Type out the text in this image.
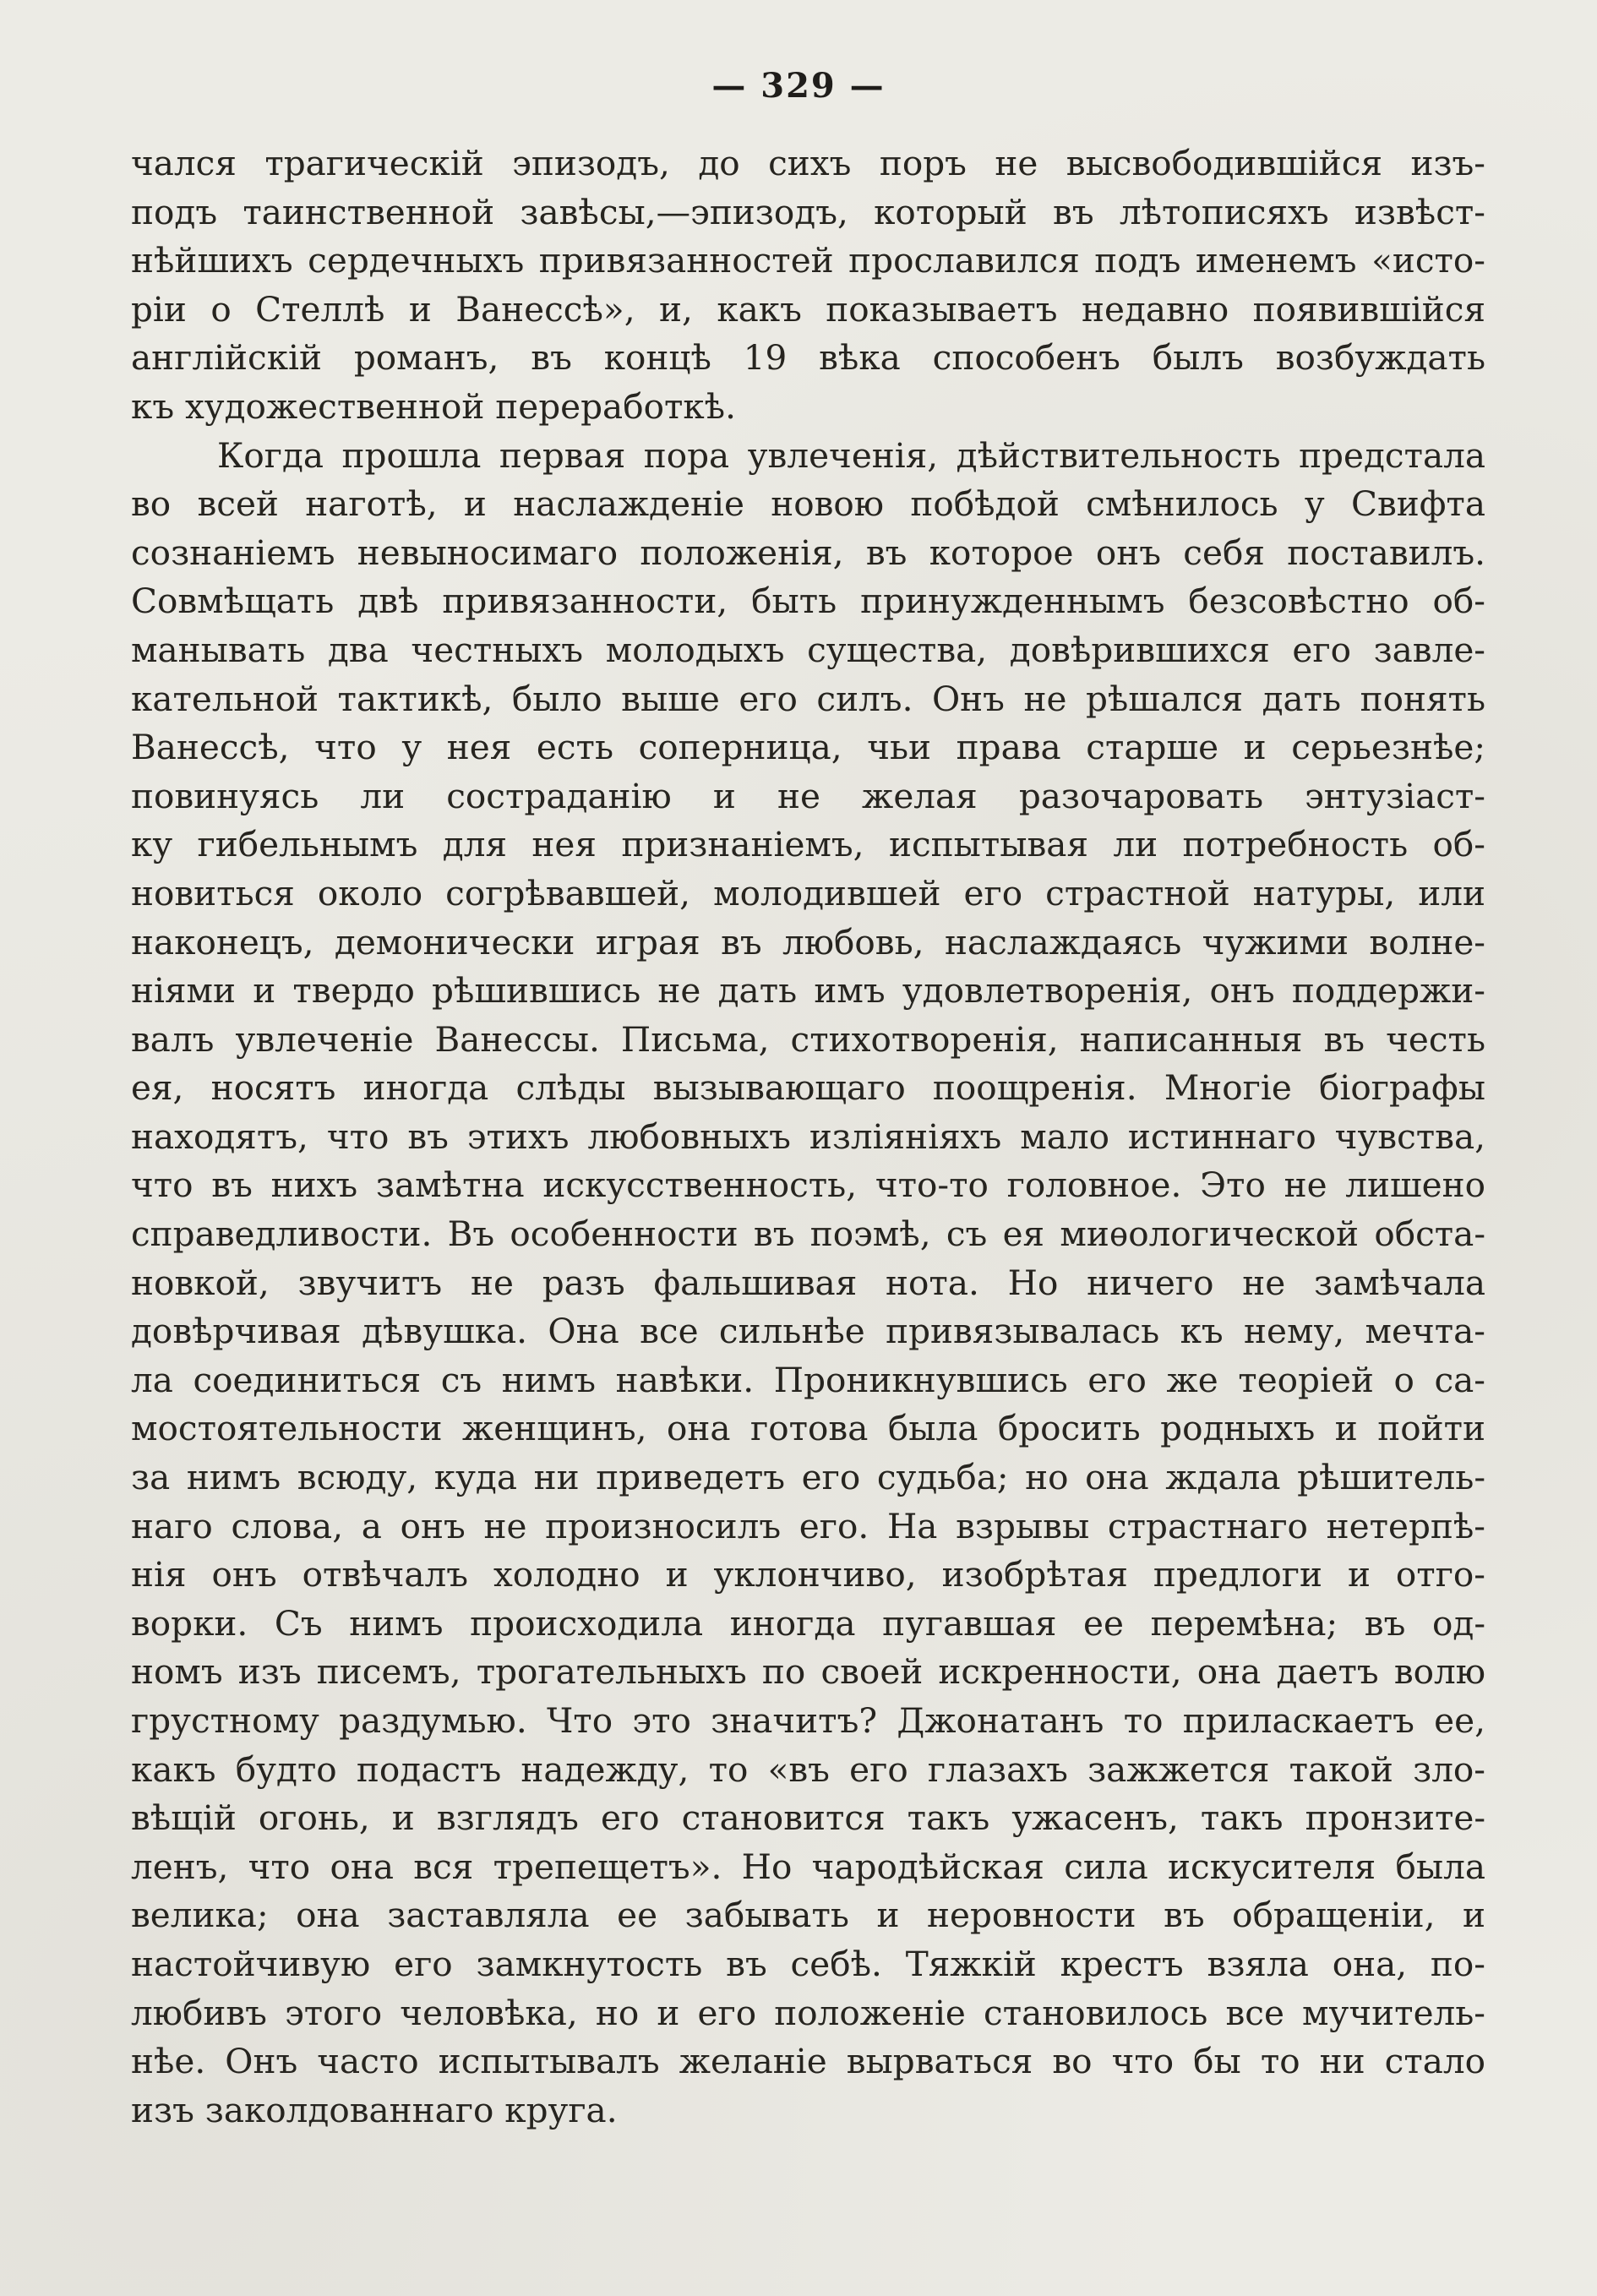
— 329 —
чался трагическій эпизодъ, до сихъ поръ не высвободившійся изъ-
подъ таинственной завѣсы,—эпизодъ, который въ лѣтописяхъ извѣст-
нѣйшихъ сердечныхъ привязанностей прославился подъ именемъ «исто-
ріи о Стеллѣ и Ванессѣ», и, какъ показываетъ недавно появившійся
англійскій романъ, въ концѣ 19 вѣка способенъ былъ возбуждать
къ художественной переработкѣ.
Когда прошла первая пора увлеченія, дѣйствительность предстала
во всей наготѣ, и наслажденіе новою побѣдой смѣнилось у Свифта
сознаніемъ невыносимаго положенія, въ которое онъ себя поставилъ.
Совмѣщать двѣ привязанности, быть принужденнымъ безсовѣстно об-
манывать два честныхъ молодыхъ существа, довѣрившихся его завле-
кательной тактикѣ, было выше его силъ. Онъ не рѣшался дать понять
Ванессѣ, что у нея есть соперница, чьи права старше и серьезнѣе;
повинуясь ли состраданію и не желая разочаровать энтузіаст-
ку гибельнымъ для нея признаніемъ, испытывая ли потребность об-
новиться около согрѣвавшей, молодившей его страстной натуры, или
наконецъ, демонически играя въ любовь, наслаждаясь чужими волне-
ніями и твердо рѣшившись не дать имъ удовлетворенія, онъ поддержи-
валъ увлеченіе Ванессы. Письма, стихотворенія, написанныя въ честь
ея, носятъ иногда слѣды вызывающаго поощренія. Многіе біографы
находятъ, что въ этихъ любовныхъ изліяніяхъ мало истиннаго чувства,
что въ нихъ замѣтна искусственность, что-то головное. Это не лишено
справедливости. Въ особенности въ поэмѣ, съ ея миѳологической обста-
новкой, звучитъ не разъ фальшивая нота. Но ничего не замѣчала
довѣрчивая дѣвушка. Она все сильнѣе привязывалась къ нему, мечта-
ла соединиться съ нимъ навѣки. Проникнувшись его же теоріей о са-
мостоятельности женщинъ, она готова была бросить родныхъ и пойти
за нимъ всюду, куда ни приведетъ его судьба; но она ждала рѣшитель-
наго слова, а онъ не произносилъ его. На взрывы страстнаго нетерпѣ-
нія онъ отвѣчалъ холодно и уклончиво, изобрѣтая предлоги и отго-
ворки. Съ нимъ происходила иногда пугавшая ее перемѣна; въ од-
номъ изъ писемъ, трогательныхъ по своей искренности, она даетъ волю
грустному раздумью. Что это значитъ? Джонатанъ то приласкаетъ ее,
какъ будто подастъ надежду, то «въ его глазахъ зажжется такой зло-
вѣщій огонь, и взглядъ его становится такъ ужасенъ, такъ пронзите-
ленъ, что она вся трепещетъ». Но чародѣйская сила искусителя была
велика; она заставляла ее забывать и неровности въ обращеніи, и
настойчивую его замкнутость въ себѣ. Тяжкій крестъ взяла она, по-
любивъ этого человѣка, но и его положеніе становилось все мучитель-
нѣе. Онъ часто испытывалъ желаніе вырваться во что бы то ни стало
изъ заколдованнаго круга.
